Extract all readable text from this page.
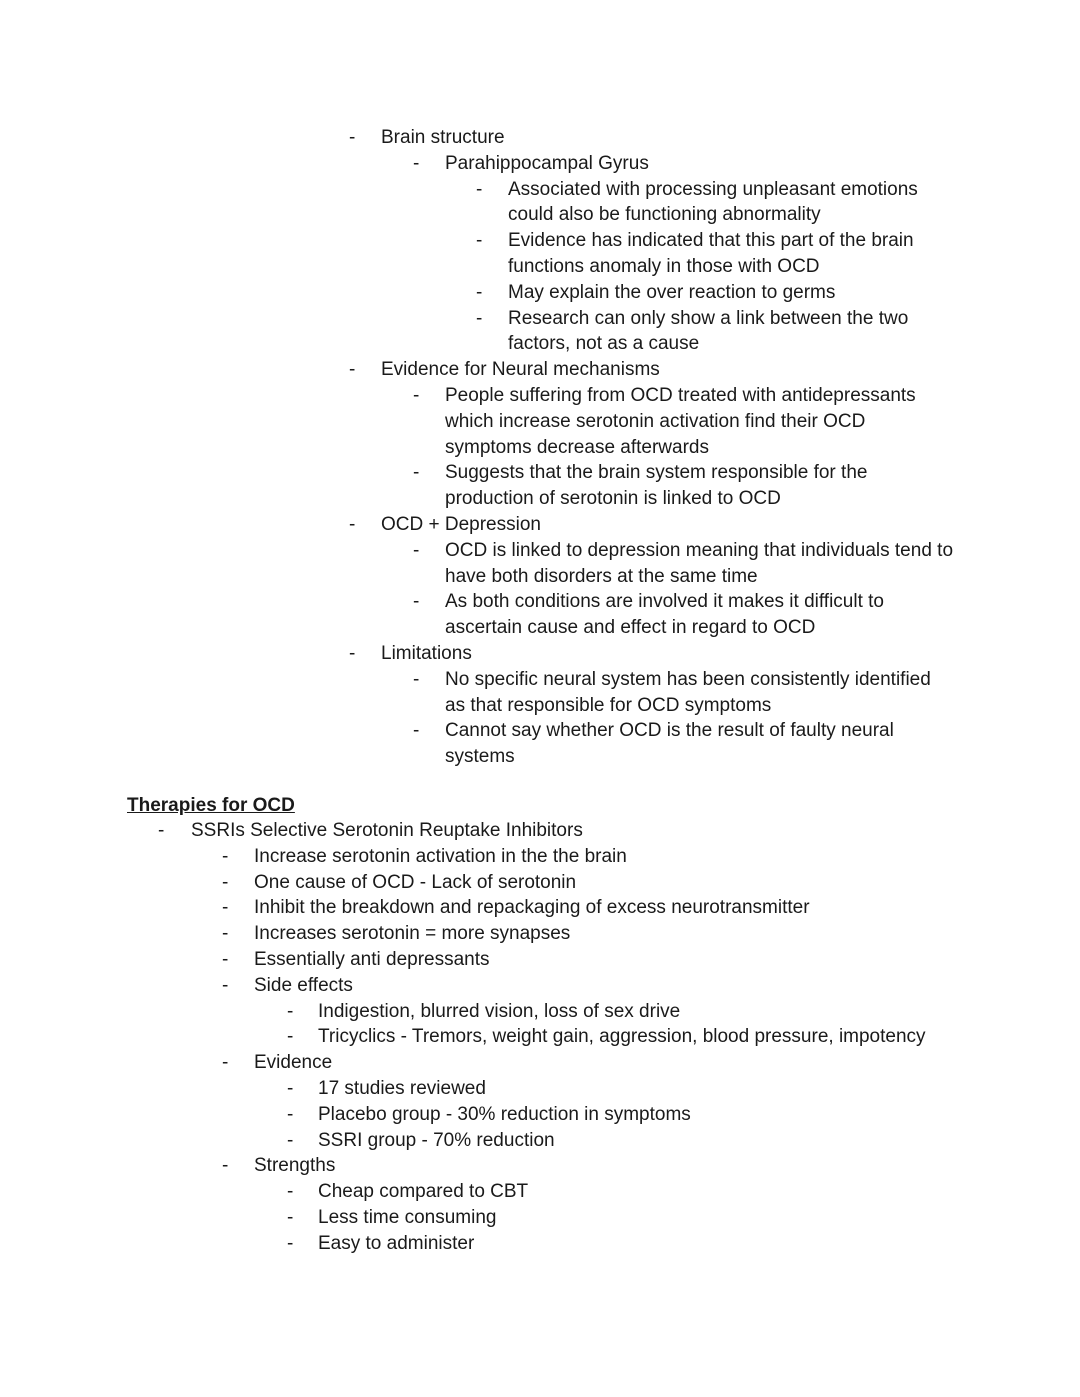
- Brain structure
- Parahippocampal Gyrus
- Associated with processing unpleasant emotions could also be functioning abnormality
- Evidence has indicated that this part of the brain functions anomaly in those with OCD
- May explain the over reaction to germs
- Research can only show a link between the two factors, not as a cause
- Evidence for Neural mechanisms
- People suffering from OCD treated with antidepressants which increase serotonin activation find their OCD symptoms decrease afterwards
- Suggests that the brain system responsible for the production of serotonin is linked to OCD
- OCD + Depression
- OCD is linked to depression meaning that individuals tend to have both disorders at the same time
- As both conditions are involved it makes it difficult to ascertain cause and effect in regard to OCD
- Limitations
- No specific neural system has been consistently identified as that responsible for OCD symptoms
- Cannot say whether OCD is the result of faulty neural systems
Therapies for OCD
- SSRIs Selective Serotonin Reuptake Inhibitors
- Increase serotonin activation in the the brain
- One cause of OCD - Lack of serotonin
- Inhibit the breakdown and repackaging of excess neurotransmitter
- Increases serotonin = more synapses
- Essentially anti depressants
- Side effects
- Indigestion, blurred vision, loss of sex drive
- Tricyclics - Tremors, weight gain, aggression, blood pressure, impotency
- Evidence
- 17 studies reviewed
- Placebo group - 30% reduction in symptoms
- SSRI group - 70% reduction
- Strengths
- Cheap compared to CBT
- Less time consuming
- Easy to administer
